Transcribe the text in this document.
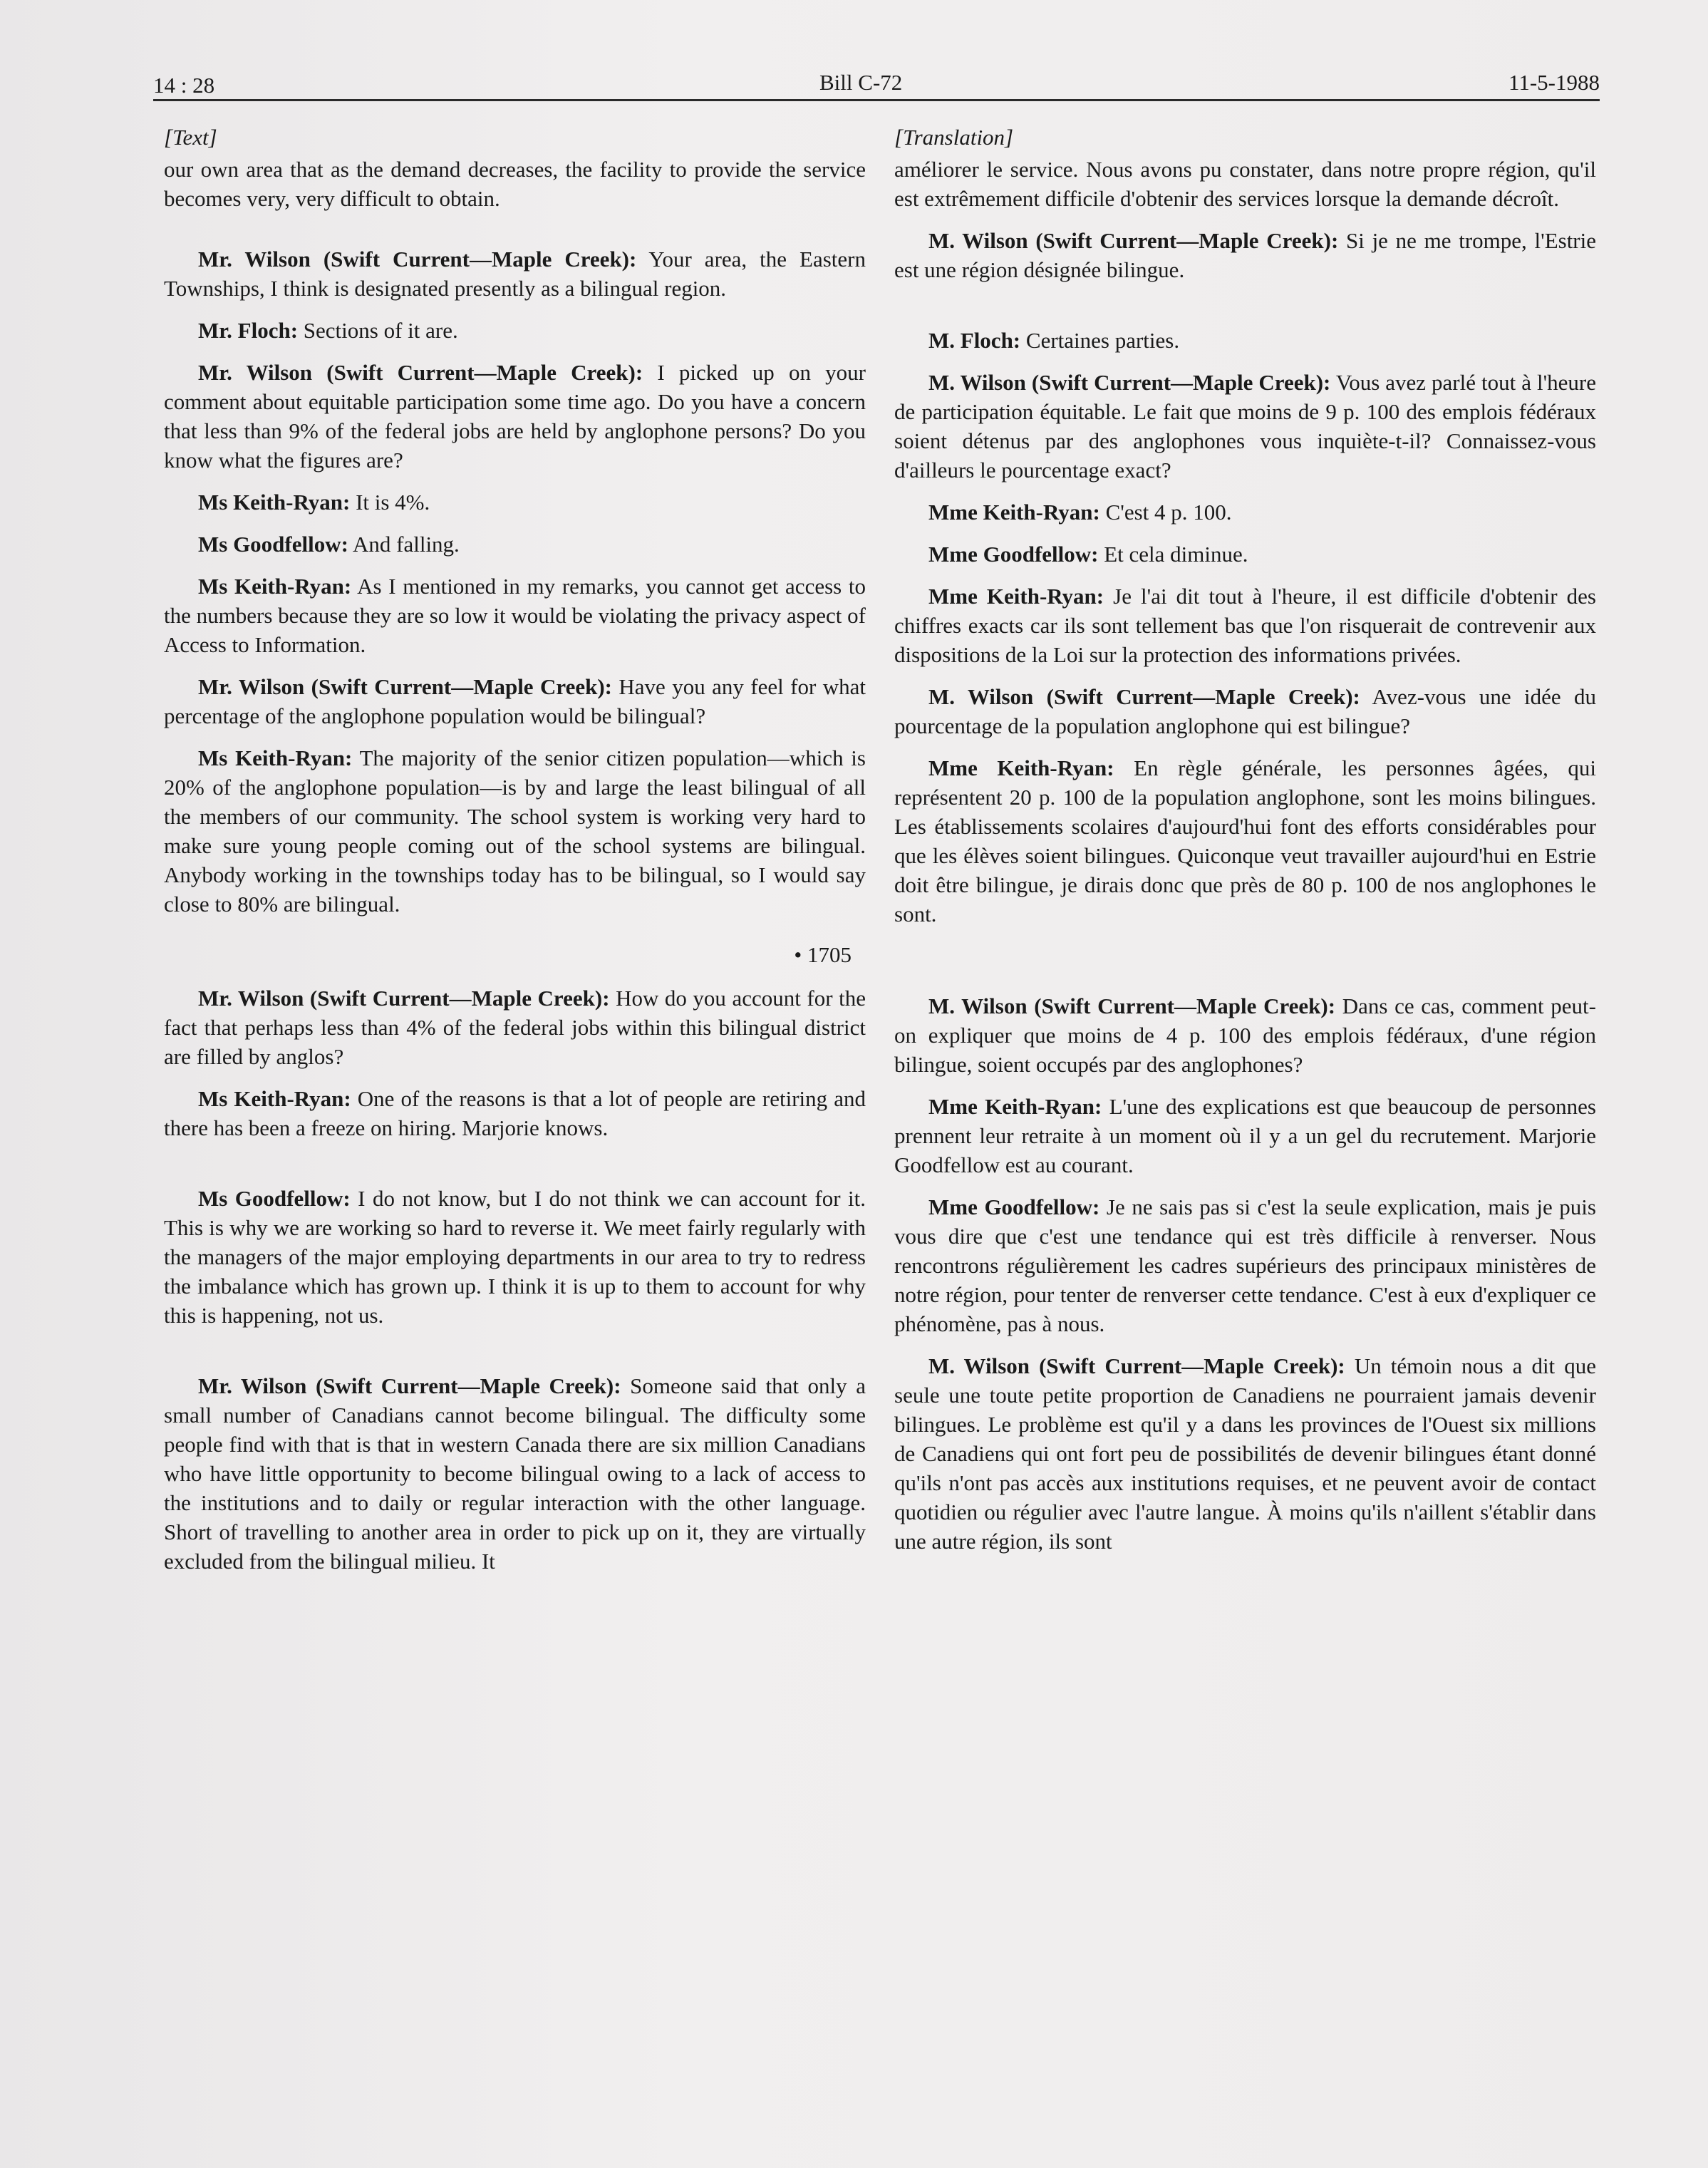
14 : 28	Bill C-72	11-5-1988
[Text]
our own area that as the demand decreases, the facility to provide the service becomes very, very difficult to obtain.
Mr. Wilson (Swift Current—Maple Creek): Your area, the Eastern Townships, I think is designated presently as a bilingual region.
Mr. Floch: Sections of it are.
Mr. Wilson (Swift Current—Maple Creek): I picked up on your comment about equitable participation some time ago. Do you have a concern that less than 9% of the federal jobs are held by anglophone persons? Do you know what the figures are?
Ms Keith-Ryan: It is 4%.
Ms Goodfellow: And falling.
Ms Keith-Ryan: As I mentioned in my remarks, you cannot get access to the numbers because they are so low it would be violating the privacy aspect of Access to Information.
Mr. Wilson (Swift Current—Maple Creek): Have you any feel for what percentage of the anglophone population would be bilingual?
Ms Keith-Ryan: The majority of the senior citizen population—which is 20% of the anglophone population—is by and large the least bilingual of all the members of our community. The school system is working very hard to make sure young people coming out of the school systems are bilingual. Anybody working in the townships today has to be bilingual, so I would say close to 80% are bilingual.
• 1705
Mr. Wilson (Swift Current—Maple Creek): How do you account for the fact that perhaps less than 4% of the federal jobs within this bilingual district are filled by anglos?
Ms Keith-Ryan: One of the reasons is that a lot of people are retiring and there has been a freeze on hiring. Marjorie knows.
Ms Goodfellow: I do not know, but I do not think we can account for it. This is why we are working so hard to reverse it. We meet fairly regularly with the managers of the major employing departments in our area to try to redress the imbalance which has grown up. I think it is up to them to account for why this is happening, not us.
Mr. Wilson (Swift Current—Maple Creek): Someone said that only a small number of Canadians cannot become bilingual. The difficulty some people find with that is that in western Canada there are six million Canadians who have little opportunity to become bilingual owing to a lack of access to the institutions and to daily or regular interaction with the other language. Short of travelling to another area in order to pick up on it, they are virtually excluded from the bilingual milieu. It
[Translation]
améliorer le service. Nous avons pu constater, dans notre propre région, qu'il est extrêmement difficile d'obtenir des services lorsque la demande décroît.
M. Wilson (Swift Current—Maple Creek): Si je ne me trompe, l'Estrie est une région désignée bilingue.
M. Floch: Certaines parties.
M. Wilson (Swift Current—Maple Creek): Vous avez parlé tout à l'heure de participation équitable. Le fait que moins de 9 p. 100 des emplois fédéraux soient détenus par des anglophones vous inquiète-t-il? Connaissez-vous d'ailleurs le pourcentage exact?
Mme Keith-Ryan: C'est 4 p. 100.
Mme Goodfellow: Et cela diminue.
Mme Keith-Ryan: Je l'ai dit tout à l'heure, il est difficile d'obtenir des chiffres exacts car ils sont tellement bas que l'on risquerait de contrevenir aux dispositions de la Loi sur la protection des informations privées.
M. Wilson (Swift Current—Maple Creek): Avez-vous une idée du pourcentage de la population anglophone qui est bilingue?
Mme Keith-Ryan: En règle générale, les personnes âgées, qui représentent 20 p. 100 de la population anglophone, sont les moins bilingues. Les établissements scolaires d'aujourd'hui font des efforts considérables pour que les élèves soient bilingues. Quiconque veut travailler aujourd'hui en Estrie doit être bilingue, je dirais donc que près de 80 p. 100 de nos anglophones le sont.
M. Wilson (Swift Current—Maple Creek): Dans ce cas, comment peut-on expliquer que moins de 4 p. 100 des emplois fédéraux, d'une région bilingue, soient occupés par des anglophones?
Mme Keith-Ryan: L'une des explications est que beaucoup de personnes prennent leur retraite à un moment où il y a un gel du recrutement. Marjorie Goodfellow est au courant.
Mme Goodfellow: Je ne sais pas si c'est la seule explication, mais je puis vous dire que c'est une tendance qui est très difficile à renverser. Nous rencontrons régulièrement les cadres supérieurs des principaux ministères de notre région, pour tenter de renverser cette tendance. C'est à eux d'expliquer ce phénomène, pas à nous.
M. Wilson (Swift Current—Maple Creek): Un témoin nous a dit que seule une toute petite proportion de Canadiens ne pourraient jamais devenir bilingues. Le problème est qu'il y a dans les provinces de l'Ouest six millions de Canadiens qui ont fort peu de possibilités de devenir bilingues étant donné qu'ils n'ont pas accès aux institutions requises, et ne peuvent avoir de contact quotidien ou régulier avec l'autre langue. À moins qu'ils n'aillent s'établir dans une autre région, ils sont
